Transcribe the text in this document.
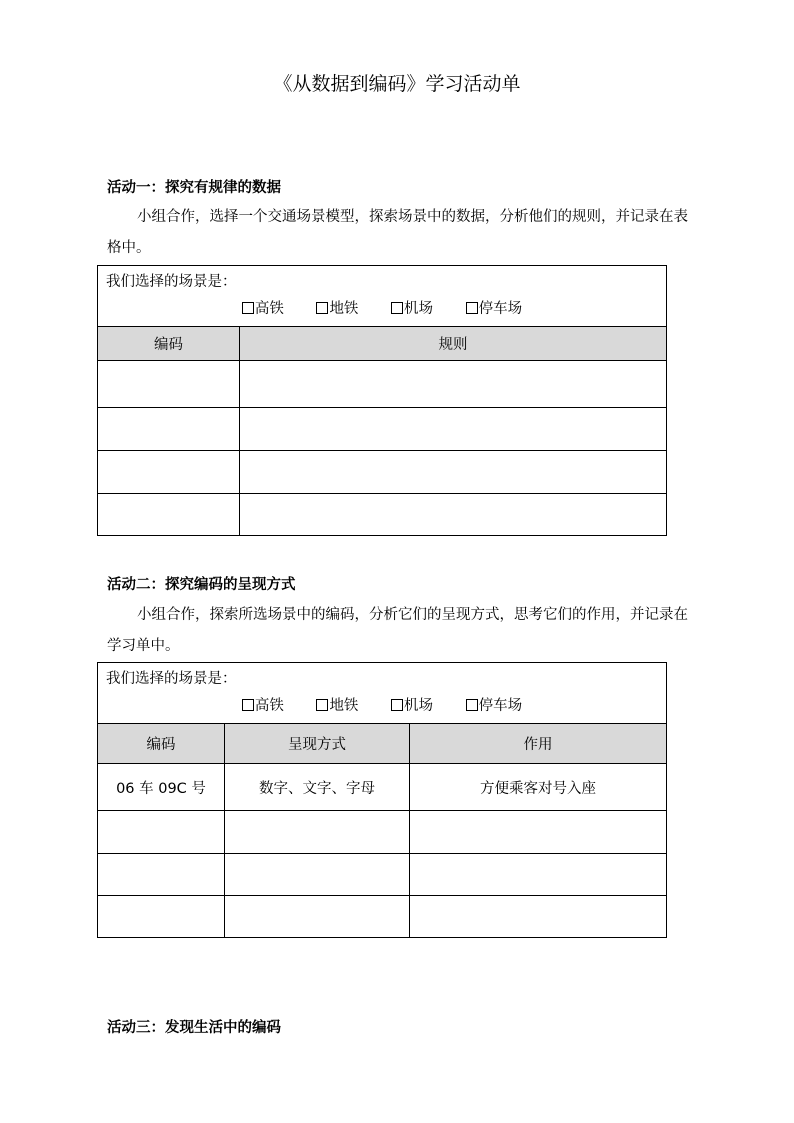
《从数据到编码》学习活动单
活动一：探究有规律的数据
小组合作，选择一个交通场景模型，探索场景中的数据，分析他们的规则，并记录在表格中。
我们选择的场景是：
高铁 地铁 机场 停车场	

编码	规则

活动二：探究编码的呈现方式
小组合作，探索所选场景中的编码，分析它们的呈现方式，思考它们的作用，并记录在学习单中。
我们选择的场景是：
高铁 地铁 机场 停车场		

编码	呈现方式	作用
06 车 09C 号	数字、文字、字母	方便乘客对号入座

活动三：发现生活中的编码
